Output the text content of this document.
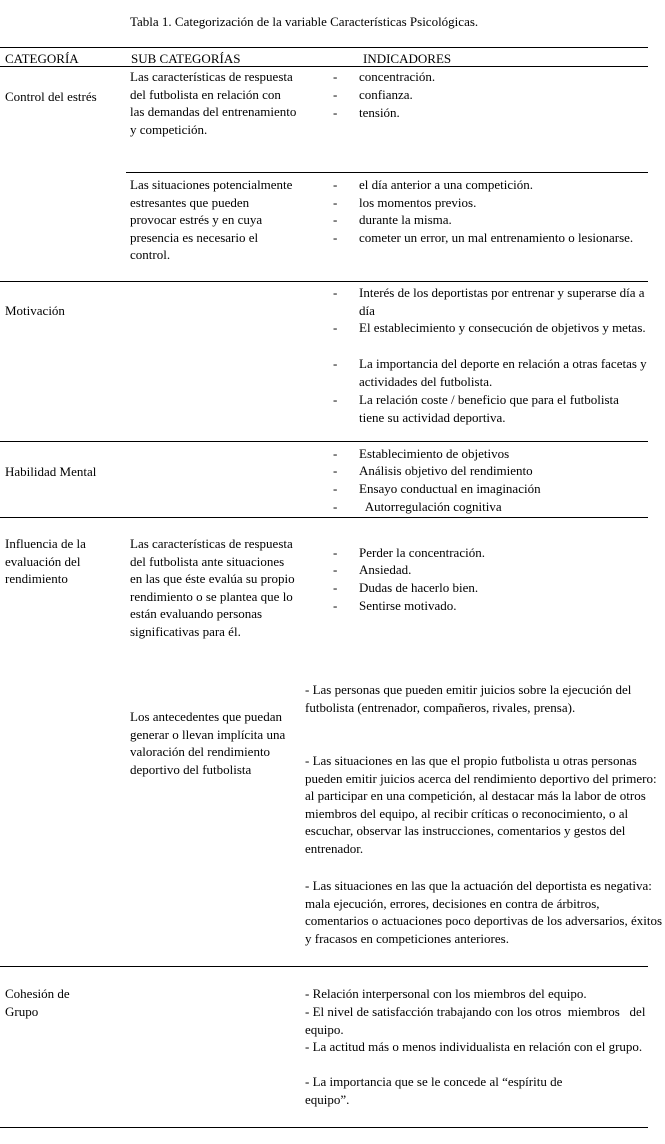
Tabla 1. Categorización de la variable Características Psicológicas.
CATEGORÍA	SUB CATEGORÍAS	INDICADORES
Control del estrés
Las características de respuesta del futbolista en relación con las demandas del entrenamiento y competición.
- concentración.
- confianza.
- tensión.
Las situaciones potencialmente estresantes que pueden provocar estrés y en cuya presencia es necesario el control.
- el día anterior a una competición.
- los momentos previos.
- durante la misma.
- cometer un error, un mal entrenamiento o lesionarse.
Motivación
- Interés de los deportistas por entrenar y superarse día a día
- El establecimiento y consecución de objetivos y metas.
- La importancia del deporte en relación a otras facetas y actividades del futbolista.
- La relación coste / beneficio que para el futbolista tiene su actividad deportiva.
Habilidad Mental
- Establecimiento de objetivos
- Análisis objetivo del rendimiento
- Ensayo conductual en imaginación
- Autorregulación cognitiva
Influencia de la evaluación del rendimiento
Las características de respuesta del futbolista ante situaciones en las que éste evalúa su propio rendimiento o se plantea que lo están evaluando personas significativas para él.
- Perder la concentración.
- Ansiedad.
- Dudas de hacerlo bien.
- Sentirse motivado.
Los antecedentes que puedan generar o llevan implícita una valoración del rendimiento deportivo del futbolista
- Las personas que pueden emitir juicios sobre la ejecución del futbolista (entrenador, compañeros, rivales, prensa).
- Las situaciones en las que el propio futbolista u otras personas pueden emitir juicios acerca del rendimiento deportivo del primero: al participar en una competición, al destacar más la labor de otros miembros del equipo, al recibir críticas o reconocimiento, o al escuchar, observar las instrucciones, comentarios y gestos del entrenador.
- Las situaciones en las que la actuación del deportista es negativa: mala ejecución, errores, decisiones en contra de árbitros, comentarios o actuaciones poco deportivas de los adversarios, éxitos y fracasos en competiciones anteriores.
Cohesión de Grupo
- Relación interpersonal con los miembros del equipo.
- El nivel de satisfacción trabajando con los otros  miembros   del equipo.
- La actitud más o menos individualista en relación con el grupo.
- La importancia que se le concede al “espíritu de equipo”.
